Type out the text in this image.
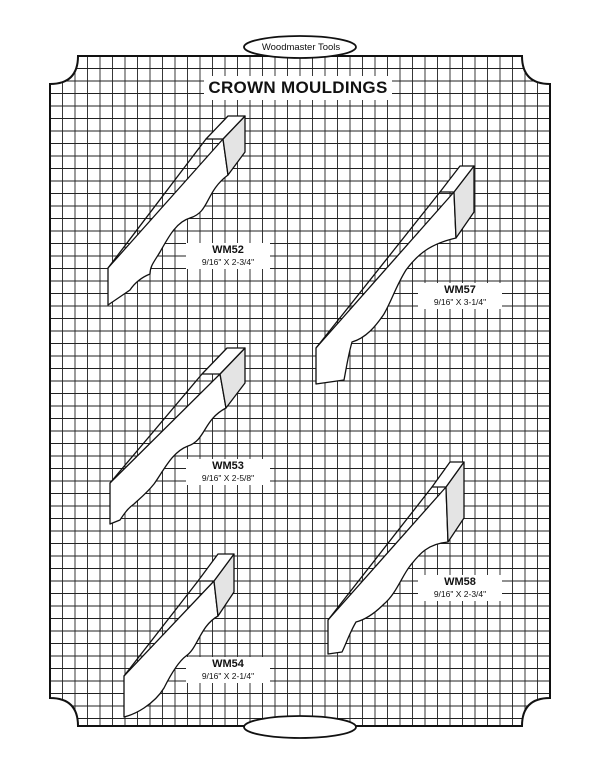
Woodmaster Tools
CROWN MOULDINGS
WM52
9/16" X 2-3/4"
WM53
9/16" X 2-5/8"
WM54
9/16" X 2-1/4"
WM57
9/16" X 3-1/4"
WM58
9/16" X 2-3/4"
